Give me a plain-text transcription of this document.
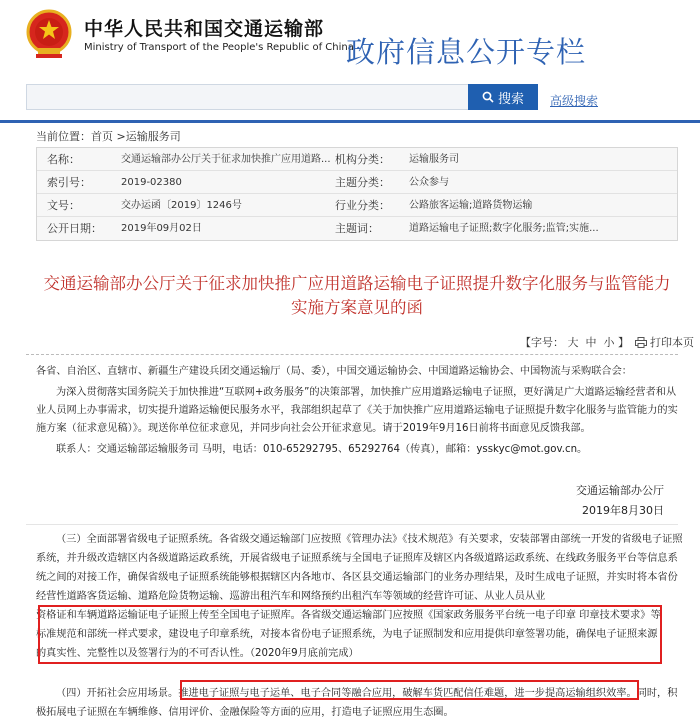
中华人民共和国交通运输部
Ministry of Transport of the People's Republic of China
政府信息公开专栏
搜索 高级搜索
当前位置：首页 >运输服务司
名称：	交通运输部办公厅关于征求加快推广应用道路... 机构分类：	运输服务司
索引号：	2019-02380	主题分类：	公众参与
文号：	交办运函〔2019〕1246号	行业分类：	公路旅客运输;道路货物运输
公开日期：	2019年09月02日	主题词：	道路运输电子证照;数字化服务;监管;实施...
交通运输部办公厅关于征求加快推广应用道路运输电子证照提升数字化服务与监管能力实施方案意见的函
【字号： 大 中 小 】 打印本页
各省、自治区、直辖市、新疆生产建设兵团交通运输厅（局、委），中国交通运输协会、中国道路运输协会、中国物流与采购联合会：
为深入贯彻落实国务院关于加快推进“互联网+政务服务”的决策部署，加快推广应用道路运输电子证照，更好满足广大道路运输经营者和从业人员网上办事需求，切实提升道路运输便民服务水平，我部组织起草了《关于加快推广应用道路运输电子证照提升数字化服务与监管能力的实施方案（征求意见稿）》。现送你单位征求意见，并同步向社会公开征求意见。请于2019年9月16日前将书面意见反馈我部。
联系人：交通运输部运输服务司 马明，电话：010-65292795、65292764（传真），邮箱：ysskyc@mot.gov.cn。
交通运输部办公厅
2019年8月30日
（三）全面部署省级电子证照系统。各省级交通运输部门应按照《管理办法》《技术规范》有关要求，安装部署由部统一开发的省级电子证照系统，并升级改造辖区内各级道路运政系统，开展省级电子证照系统与全国电子证照库及辖区内各级道路运政系统、在线政务服务平台等信息系统之间的对接工作，确保省级电子证照系统能够根据辖区内各地市、各区县交通运输部门的业务办理结果，及时生成电子证照，并实时将本省份经营性道路客货运输、道路危险货物运输、巡游出租汽车和网络预约出租汽车等领域的经营许可证、从业人员从业
资格证和车辆道路运输证电子证照上传至全国电子证照库。各省级交通运输部门应按照《国家政务服务平台统一电子印章 印章技术要求》等标准规范和部统一样式要求，建设电子印章系统，对接本省份电子证照系统，为电子证照制发和应用提供印章签署功能，确保电子证照来源的真实性、完整性以及签署行为的不可否认性。（2020年9月底前完成）
（四）开拓社会应用场景。推进电子证照与电子运单、电子合同等融合应用，破解车货匹配信任难题，进一步提高运输组织效率。同时，积极拓展电子证照在车辆维修、信用评价、金融保险等方面的应用，打造电子证照应用生态圈。
